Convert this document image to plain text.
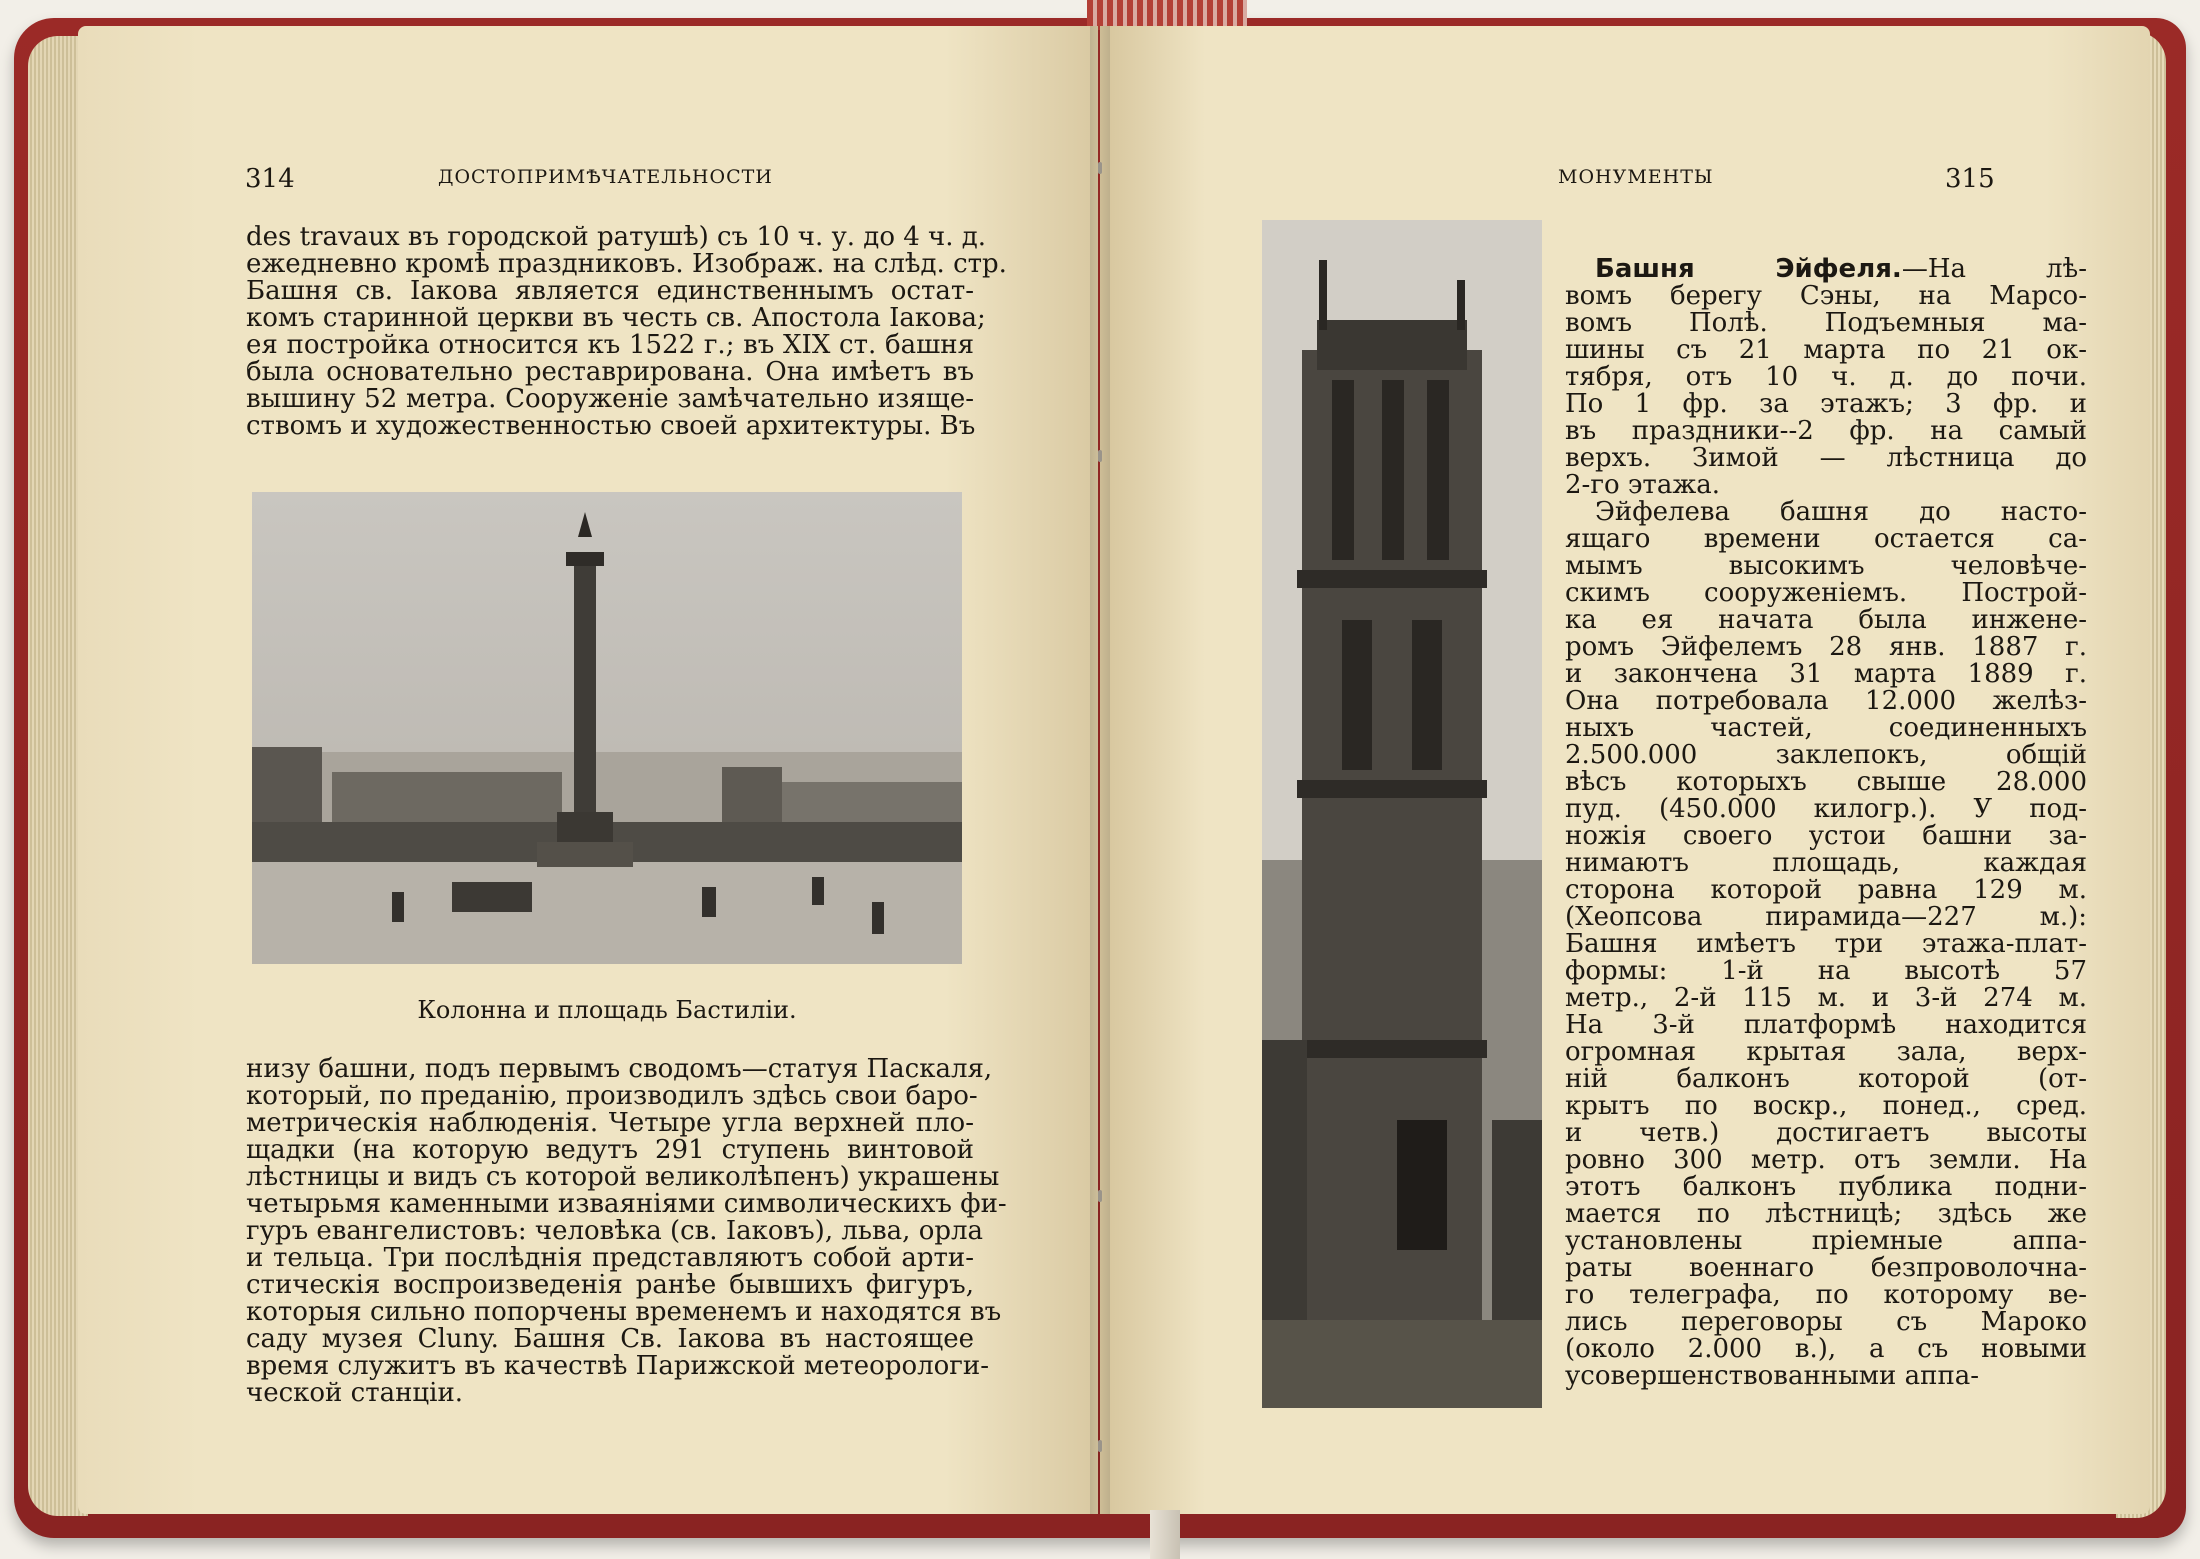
314	ДОСТОПРИМѢЧАТЕЛЬНОСТИ
des travaux въ городской ратушѣ) съ 10 ч. у. до 4 ч. д.
ежедневно кромѣ праздниковъ. Изображ. на слѣд. стр.
Башня св. Іакова является единственнымъ остат-
комъ старинной церкви въ честь св. Апостола Іакова;
ея постройка относится къ 1522 г.; въ XIX ст. башня
была основательно реставрирована. Она имѣетъ въ
вышину 52 метра. Сооруженіе замѣчательно изяще-
ствомъ и художественностью своей архитектуры. Въ
Колонна и площадь Бастиліи.
низу башни, подъ первымъ сводомъ—статуя Паскаля,
который, по преданію, производилъ здѣсь свои баро-
метрическія наблюденія. Четыре угла верхней пло-
щадки (на которую ведутъ 291 ступень винтовой
лѣстницы и видъ съ которой великолѣпенъ) украшены
четырьмя каменными изваяніями символическихъ фи-
гуръ евангелистовъ: человѣка (св. Іаковъ), льва, орла
и тельца. Три послѣднія представляютъ собой арти-
стическія воспроизведенія ранѣе бывшихъ фигуръ,
которыя сильно попорчены временемъ и находятся въ
саду музея Cluny. Башня Св. Іакова въ настоящее
время служитъ въ качествѣ Парижской метеорологи-
ческой станціи.
МОНУМЕНТЫ	315
Башня Эйфеля.—На лѣ-
вомъ берегу Сэны, на Марсо-
вомъ Полѣ. Подъемныя ма-
шины съ 21 марта по 21 ок-
тября, отъ 10 ч. д. до почи.
По 1 фр. за этажъ; 3 фр. и
въ праздники--2 фр. на самый
верхъ. Зимой — лѣстница до
2-го этажа.
Эйфелева башня до насто-
ящаго времени остается са-
мымъ высокимъ человѣче-
скимъ сооруженіемъ. Построй-
ка ея начата была инжене-
ромъ Эйфелемъ 28 янв. 1887 г.
и закончена 31 марта 1889 г.
Она потребовала 12.000 желѣз-
ныхъ частей, соединенныхъ
2.500.000 заклепокъ, общій
вѣсъ которыхъ свыше 28.000
пуд. (450.000 килогр.). У под-
ножія своего устои башни за-
нимаютъ площадь, каждая
сторона которой равна 129 м.
(Хеопсова пирамида—227 м.):
Башня имѣетъ три этажа-плат-
формы: 1-й на высотѣ 57
метр., 2-й 115 м. и 3-й 274 м.
На 3-й платформѣ находится
огромная крытая зала, верх-
ній балконъ которой (от-
крытъ по воскр., понед., сред.
и четв.) достигаетъ высоты
ровно 300 метр. отъ земли. На
этотъ балконъ публика подни-
мается по лѣстницѣ; здѣсь же
установлены пріемные аппа-
раты военнаго безпроволочна-
го телеграфа, по которому ве-
лись переговоры съ Мароко
(около 2.000 в.), а съ новыми
усовершенствованными аппа-
